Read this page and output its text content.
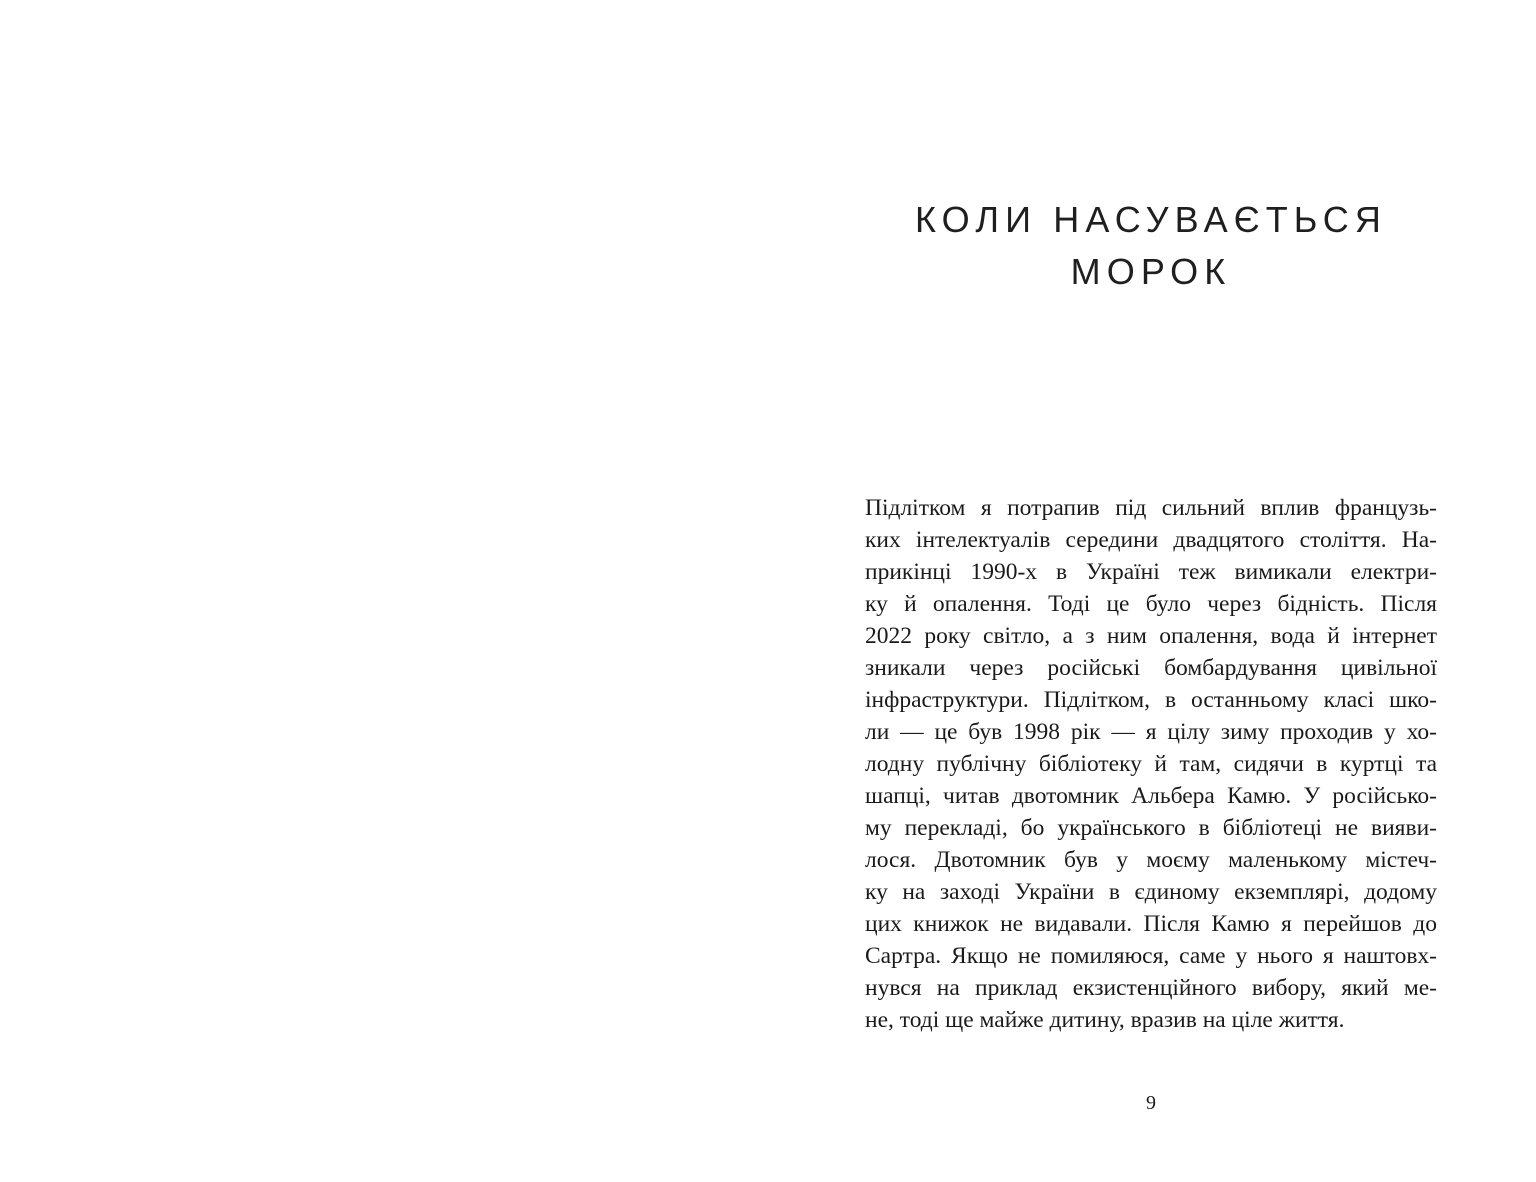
КОЛИ НАСУВАЄТЬСЯ
МОРОК
Підлітком я потрапив під сильний вплив французь-
ких інтелектуалів середини двадцятого століття. На-
прикінці 1990-х в Україні теж вимикали електри-
ку й опалення. Тоді це було через бідність. Після
2022 року світло, а з ним опалення, вода й інтернет
зникали через російські бомбардування цивільної
інфраструктури. Підлітком, в останньому класі шко-
ли — це був 1998 рік — я цілу зиму проходив у хо-
лодну публічну бібліотеку й там, сидячи в куртці та
шапці, читав двотомник Альбера Камю. У російсько-
му перекладі, бо українського в бібліотеці не вияви-
лося. Двотомник був у моєму маленькому містеч-
ку на заході України в єдиному екземплярі, додому
цих книжок не видавали. Після Камю я перейшов до
Сартра. Якщо не помиляюся, саме у нього я наштовх-
нувся на приклад екзистенційного вибору, який ме-
не, тоді ще майже дитину, вразив на ціле життя.
9
